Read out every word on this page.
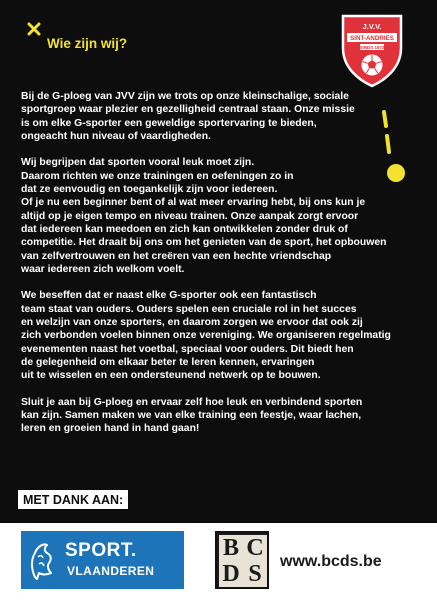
Wie zijn wij?
J.V.V.
SINT-ANDRIES
SINDS 1972

Bij de G-ploeg van JVV zijn we trots op onze kleinschalige, sociale
sportgroep waar plezier en gezelligheid centraal staan. Onze missie
is om elke G-sporter een geweldige sportervaring te bieden,
ongeacht hun niveau of vaardigheden.

Wij begrijpen dat sporten vooral leuk moet zijn.
Daarom richten we onze trainingen en oefeningen zo in
dat ze eenvoudig en toegankelijk zijn voor iedereen.
Of je nu een beginner bent of al wat meer ervaring hebt, bij ons kun je
altijd op je eigen tempo en niveau trainen. Onze aanpak zorgt ervoor
dat iedereen kan meedoen en zich kan ontwikkelen zonder druk of
competitie. Het draait bij ons om het genieten van de sport, het opbouwen
van zelfvertrouwen en het creëren van een hechte vriendschap
waar iedereen zich welkom voelt.

We beseffen dat er naast elke G-sporter ook een fantastisch
team staat van ouders. Ouders spelen een cruciale rol in het succes
en welzijn van onze sporters, en daarom zorgen we ervoor dat ook zij
zich verbonden voelen binnen onze vereniging. We organiseren regelmatig
evenementen naast het voetbal, speciaal voor ouders. Dit biedt hen
de gelegenheid om elkaar beter te leren kennen, ervaringen
uit te wisselen en een ondersteunend netwerk op te bouwen.

Sluit je aan bij G-ploeg en ervaar zelf hoe leuk en verbindend sporten
kan zijn. Samen maken we van elke training een feestje, waar lachen,
leren en groeien hand in hand gaan!

MET DANK AAN:
SPORT.
VLAANDEREN
B C
D S	www.bcds.be
